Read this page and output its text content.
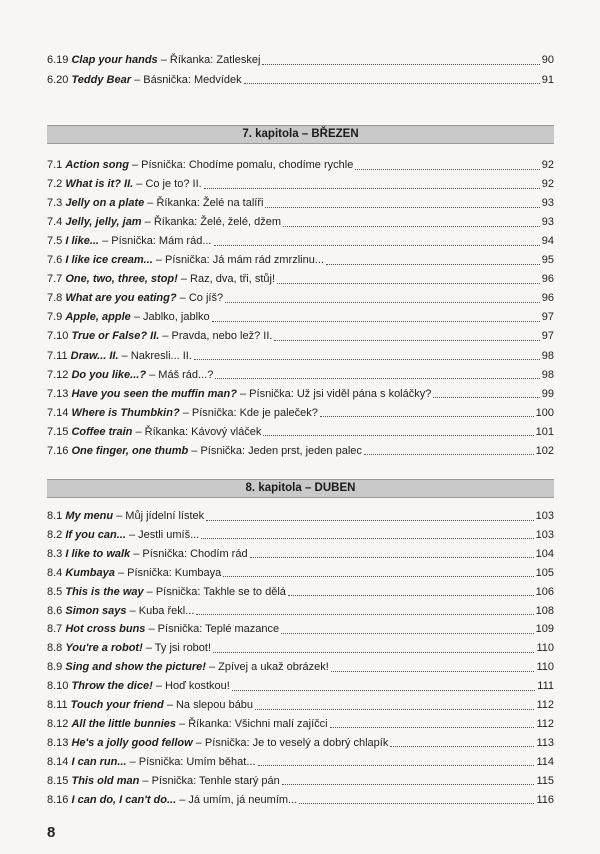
6.19
Clap your hands
– Říkanka: Zatleskej	90
6.20
Teddy Bear
– Básnička: Medvídek	91
7. kapitola – BŘEZEN
7.1
Action song
– Písnička: Chodíme pomalu, chodíme rychle	92
7.2
What is it? II.
– Co je to? II.	92
7.3
Jelly on a plate
– Říkanka: Želé na talíři	93
7.4
Jelly, jelly, jam
– Říkanka: Želé, želé, džem	93
7.5
I like...
– Písnička: Mám rád...	94
7.6
I like ice cream...
– Písnička: Já mám rád zmrzlinu...	95
7.7
One, two, three, stop!
– Raz, dva, tři, stůj!	96
7.8
What are you eating?
– Co jíš?	96
7.9
Apple, apple
– Jablko, jablko	97
7.10
True or False? II.
– Pravda, nebo lež? II.	97
7.11
Draw... II.
– Nakresli... II.	98
7.12
Do you like...?
– Máš rád...?	98
7.13
Have you seen the muffin man?
– Písnička: Už jsi viděl pána s koláčky?	99
7.14
Where is Thumbkin?
– Písnička: Kde je paleček?	100
7.15
Coffee train
– Říkanka: Kávový vláček	101
7.16
One finger, one thumb
– Písnička: Jeden prst, jeden palec	102
8. kapitola – DUBEN
8.1
My menu
– Můj jídelní lístek	103
8.2
If you can...
– Jestli umíš...	103
8.3
I like to walk
– Písnička: Chodím rád	104
8.4
Kumbaya
– Písnička: Kumbaya	105
8.5
This is the way
– Písnička: Takhle se to dělá	106
8.6
Simon says
– Kuba řekl...	108
8.7
Hot cross buns
– Písnička: Teplé mazance	109
8.8
You're a robot!
– Ty jsi robot!	110
8.9
Sing and show the picture!
– Zpívej a ukaž obrázek!	110
8.10
Throw the dice!
– Hoď kostkou!	111
8.11
Touch your friend
– Na slepou bábu	112
8.12
All the little bunnies
– Říkanka: Všichni malí zajíčci	112
8.13
He's a jolly good fellow
– Písnička: Je to veselý a dobrý chlapík	113
8.14
I can run...
– Písnička: Umím běhat...	114
8.15
This old man
– Písnička: Tenhle starý pán	115
8.16
I can do, I can't do...
– Já umím, já neumím...	116
8
